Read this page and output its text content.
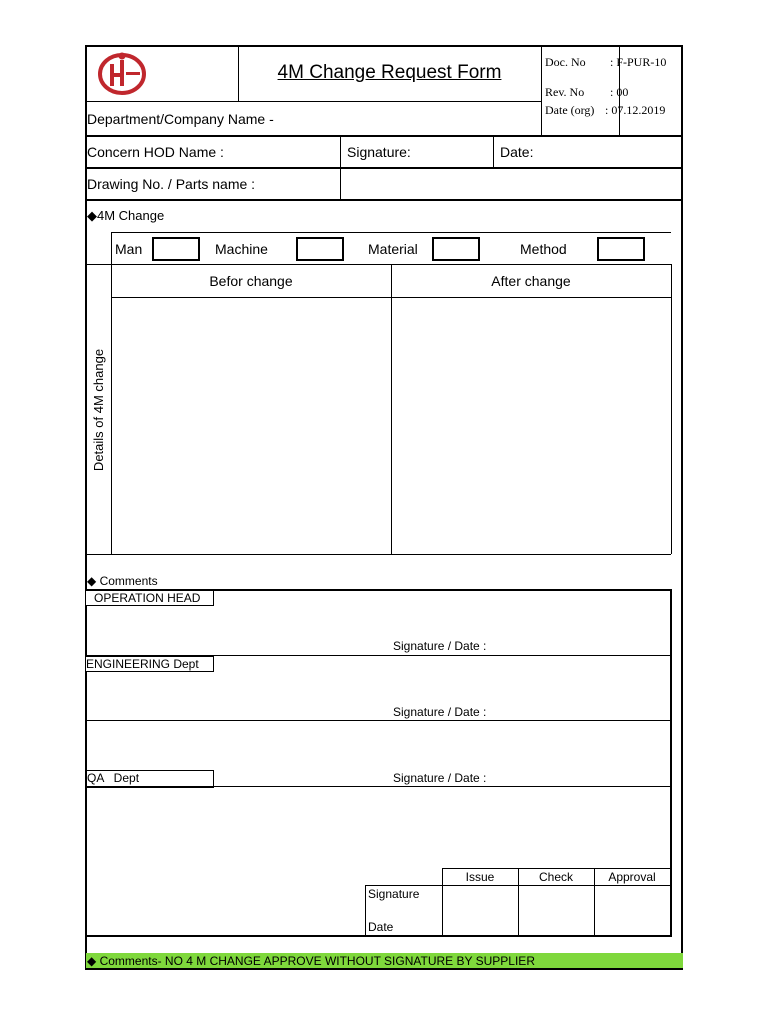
4M Change Request Form	Doc. No : F-PUR-10
Rev. No : 00
Date (org) : 07.12.2019
Department/Company Name -
Concern HOD Name :	Signature:	Date:
Drawing No. / Parts name :
◆4M Change
Man	Machine	Material	Method
Befor change	After change
Details of 4M change
◆ Comments
OPERATION HEAD
Signature / Date :
ENGINEERING Dept
Signature / Date :
QA   Dept	Signature / Date :
Issue	Check	Approval
Signature
Date
◆ Comments- NO 4 M CHANGE APPROVE WITHOUT SIGNATURE BY SUPPLIER
